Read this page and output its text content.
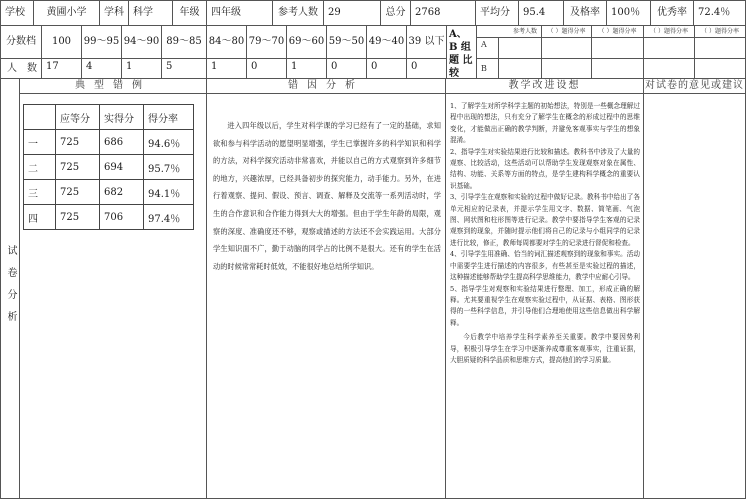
学校	黄圃小学	学科 科学	年级	四年级	参考人数	29	总分 2768	平均分	95.4	及格率	100％	优秀率	72.4％
分数档	100	99～95 94～90 89～85 84～80 79～70 69～60 59～50 49～40 39 以下
人　数 17	4	1	5	1	0	1	0	0	0
A、B 组 题 比较
参考人数	（ ）题得分率	（ ）题得分率	（ ）题得分率	（ ）题得分率
A
B
试卷分析
典型错例	错因分析	教学改进设想	对试卷的意见或建议
	应等分	实得分	得分率
一	725	686	94.6％
二	725	694	95.7％
三	725	682	94.1％
四	725	706	97.4％
进入四年级以后，学生对科学课的学习已经有了一定的基础，求知欲和参与科学活动的愿望明显增强，学生已掌握许多的科学知识和科学的方法，对科学探究活动非常喜欢，并能以自己的方式观察到许多细节的地方，兴趣浓厚，已经具备初步的探究能力，动手能力。另外，在进行着观察、提问、假设、预言、调查、解释及交流等一系列活动时，学生的合作意识和合作能力得到大大的增强。但由于学生年龄的局限，观察的深度、准确度还不够，观察或描述的方法还不会实践运用。大部分学生知识面不广，勤于动脑的同学占的比例不是很大。还有的学生在活动的时候常常耗时低效，不能很好地总结所学知识。

1、了解学生对所学科学主题的初始想法，特别是一些概念理解过程中出现的想法，只有充分了解学生在概念的形成过程中的思维变化，才能做出正确的教学判断，并避免客观事实与学生的想象混淆。

2、指导学生对实验结果进行比较和描述。教科书中涉及了大量的观察、比较活动，这些活动可以帮助学生发现观察对象在属性、结构、功能、关系等方面的特点，是学生建构科学概念的重要认识基础。

3、引导学生在观察和实验的过程中做好记录。教科书中给出了各单元相应的记录表，并提示学生用文字、数据、简笔画、气泡图、网状图和柱形图等进行记录。教学中要指导学生客观的记录观察到的现象，并随时提示他们将自己的记录与小组同学的记录进行比较，修正，教师每周都要对学生的记录进行督促和检查。

4、引导学生用准确、恰当的词汇描述观察到的现象和事实。活动中需要学生进行描述的内容很多，有些甚至是实验过程的描述，这种描述能够帮助学生提高科学思维能力，教学中应耐心引导。

5、指导学生对观察和实验结果进行整理、加工，形成正确的解释。尤其要重视学生在观察实验过程中，从证据、表格、图形获得的一些科学信息，并引导他们合理地使用这些信息做出科学解释。

今后教学中培养学生科学素养至关重要。教学中要因势利导，积极引导学生在学习中逐渐养成尊重客观事实，注重证据，大胆质疑的科学品质和思维方式，提高他们的学习质量。
